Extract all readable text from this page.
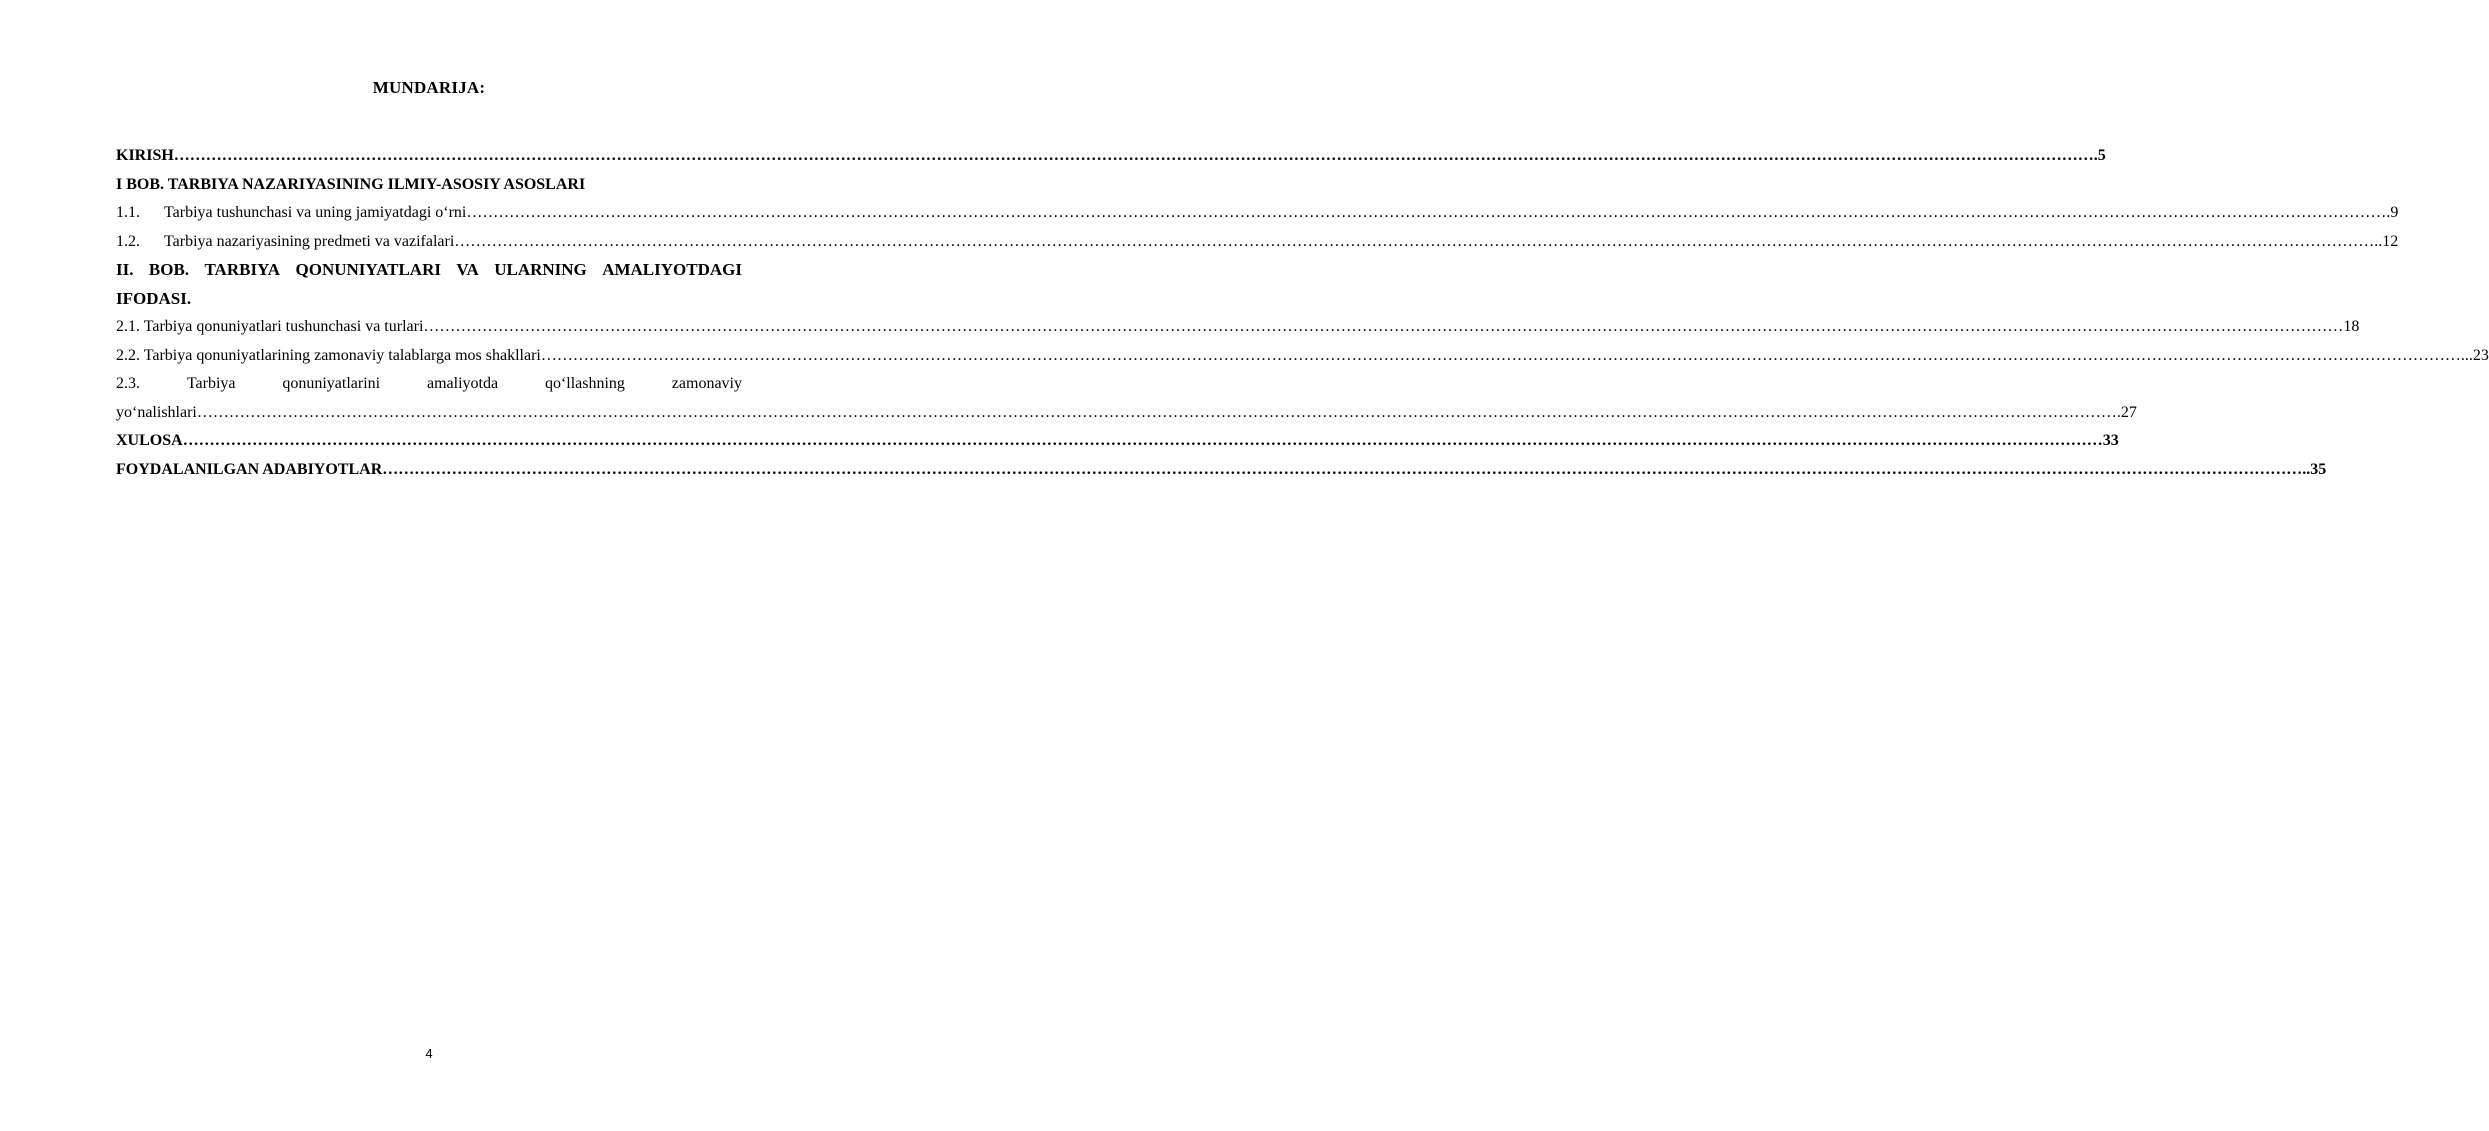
MUNDARIJA:
KIRISH ……………………………………………………………………………………………………………………………………………………………………………………………………………………………………………………………………………………………………………………………… .5
I BOB. TARBIYA NAZARIYASINING ILMIY-ASOSIY ASOSLARI
1.1. Tarbiya tushunchasi va uning jamiyatdagi o‘rni ……………………………………………………………………………………………………………………………………………………………………………………………………………………………………………………………………………………………………………………………… .9
1.2. Tarbiya nazariyasining predmeti va vazifalari ……………………………………………………………………………………………………………………………………………………………………………………………………………………………………………………………………………………………………………………………… ..12
II. BOB. TARBIYA QONUNIYATLARI VA ULARNING AMALIYOTDAGI
IFODASI.
2.1. Tarbiya qonuniyatlari tushunchasi va turlari ……………………………………………………………………………………………………………………………………………………………………………………………………………………………………………………………………………………………………………………………… 18
2.2. Tarbiya qonuniyatlarining zamonaviy talablarga mos shakllari ……………………………………………………………………………………………………………………………………………………………………………………………………………………………………………………………………………………………………………………………… ...23
2.3.	Tarbiya	qonuniyatlarini	amaliyotda	qo‘llashning	zamonaviy
yo‘nalishlari ……………………………………………………………………………………………………………………………………………………………………………………………………………………………………………………………………………………………………………………………… .27
XULOSA ……………………………………………………………………………………………………………………………………………………………………………………………………………………………………………………………………………………………………………………………… 33
FOYDALANILGAN ADABIYOTLAR ……………………………………………………………………………………………………………………………………………………………………………………………………………………………………………………………………………………………………………………………… ..35
4
